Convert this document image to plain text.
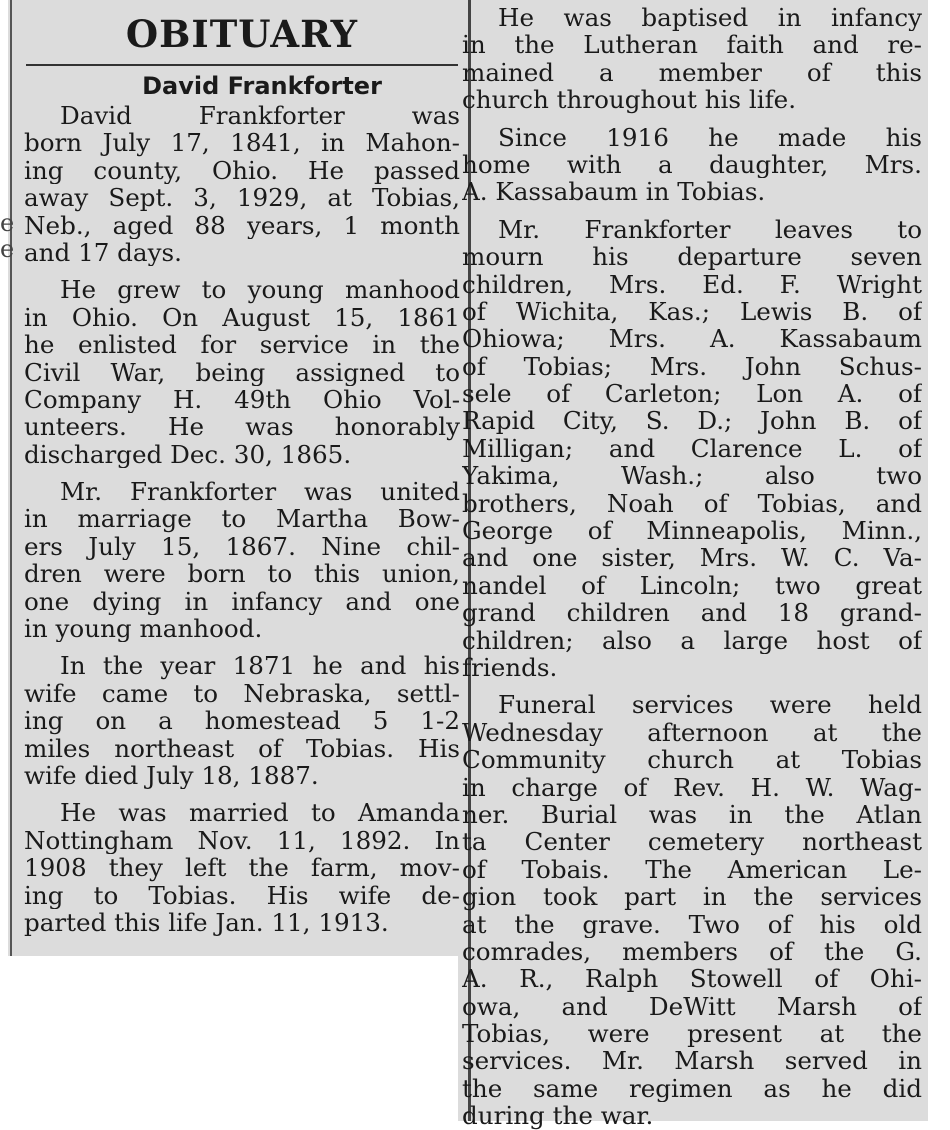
e
e
OBITUARY
David Frankforter
David Frankforter was
born July 17, 1841, in Mahon-
ing county, Ohio. He passed
away Sept. 3, 1929, at Tobias,
Neb., aged 88 years, 1 month
and 17 days.
He grew to young manhood
in Ohio. On August 15, 1861
he enlisted for service in the
Civil War, being assigned to
Company H. 49th Ohio Vol-
unteers. He was honorably
discharged Dec. 30, 1865.
Mr. Frankforter was united
in marriage to Martha Bow-
ers July 15, 1867. Nine chil-
dren were born to this union,
one dying in infancy and one
in young manhood.
In the year 1871 he and his
wife came to Nebraska, settl-
ing on a homestead 5 1-2
miles northeast of Tobias. His
wife died July 18, 1887.
He was married to Amanda
Nottingham Nov. 11, 1892. In
1908 they left the farm, mov-
ing to Tobias. His wife de-
parted this life Jan. 11, 1913.
He was baptised in infancy
in the Lutheran faith and re-
mained a member of this
church throughout his life.
Since 1916 he made his
home with a daughter, Mrs.
A. Kassabaum in Tobias.
Mr. Frankforter leaves to
mourn his departure seven
children, Mrs. Ed. F. Wright
of Wichita, Kas.; Lewis B. of
Ohiowa; Mrs. A. Kassabaum
of Tobias; Mrs. John Schus-
sele of Carleton; Lon A. of
Rapid City, S. D.; John B. of
Milligan; and Clarence L. of
Yakima, Wash.; also two
brothers, Noah of Tobias, and
George of Minneapolis, Minn.,
and one sister, Mrs. W. C. Va-
nandel of Lincoln; two great
grand children and 18 grand-
children; also a large host of
friends.
Funeral services were held
Wednesday afternoon at the
Community church at Tobias
in charge of Rev. H. W. Wag-
ner. Burial was in the Atlan
ta Center cemetery northeast
of Tobais. The American Le-
gion took part in the services
at the grave. Two of his old
comrades, members of the G.
A. R., Ralph Stowell of Ohi-
owa, and DeWitt Marsh of
Tobias, were present at the
services. Mr. Marsh served in
the same regimen as he did
during the war.
